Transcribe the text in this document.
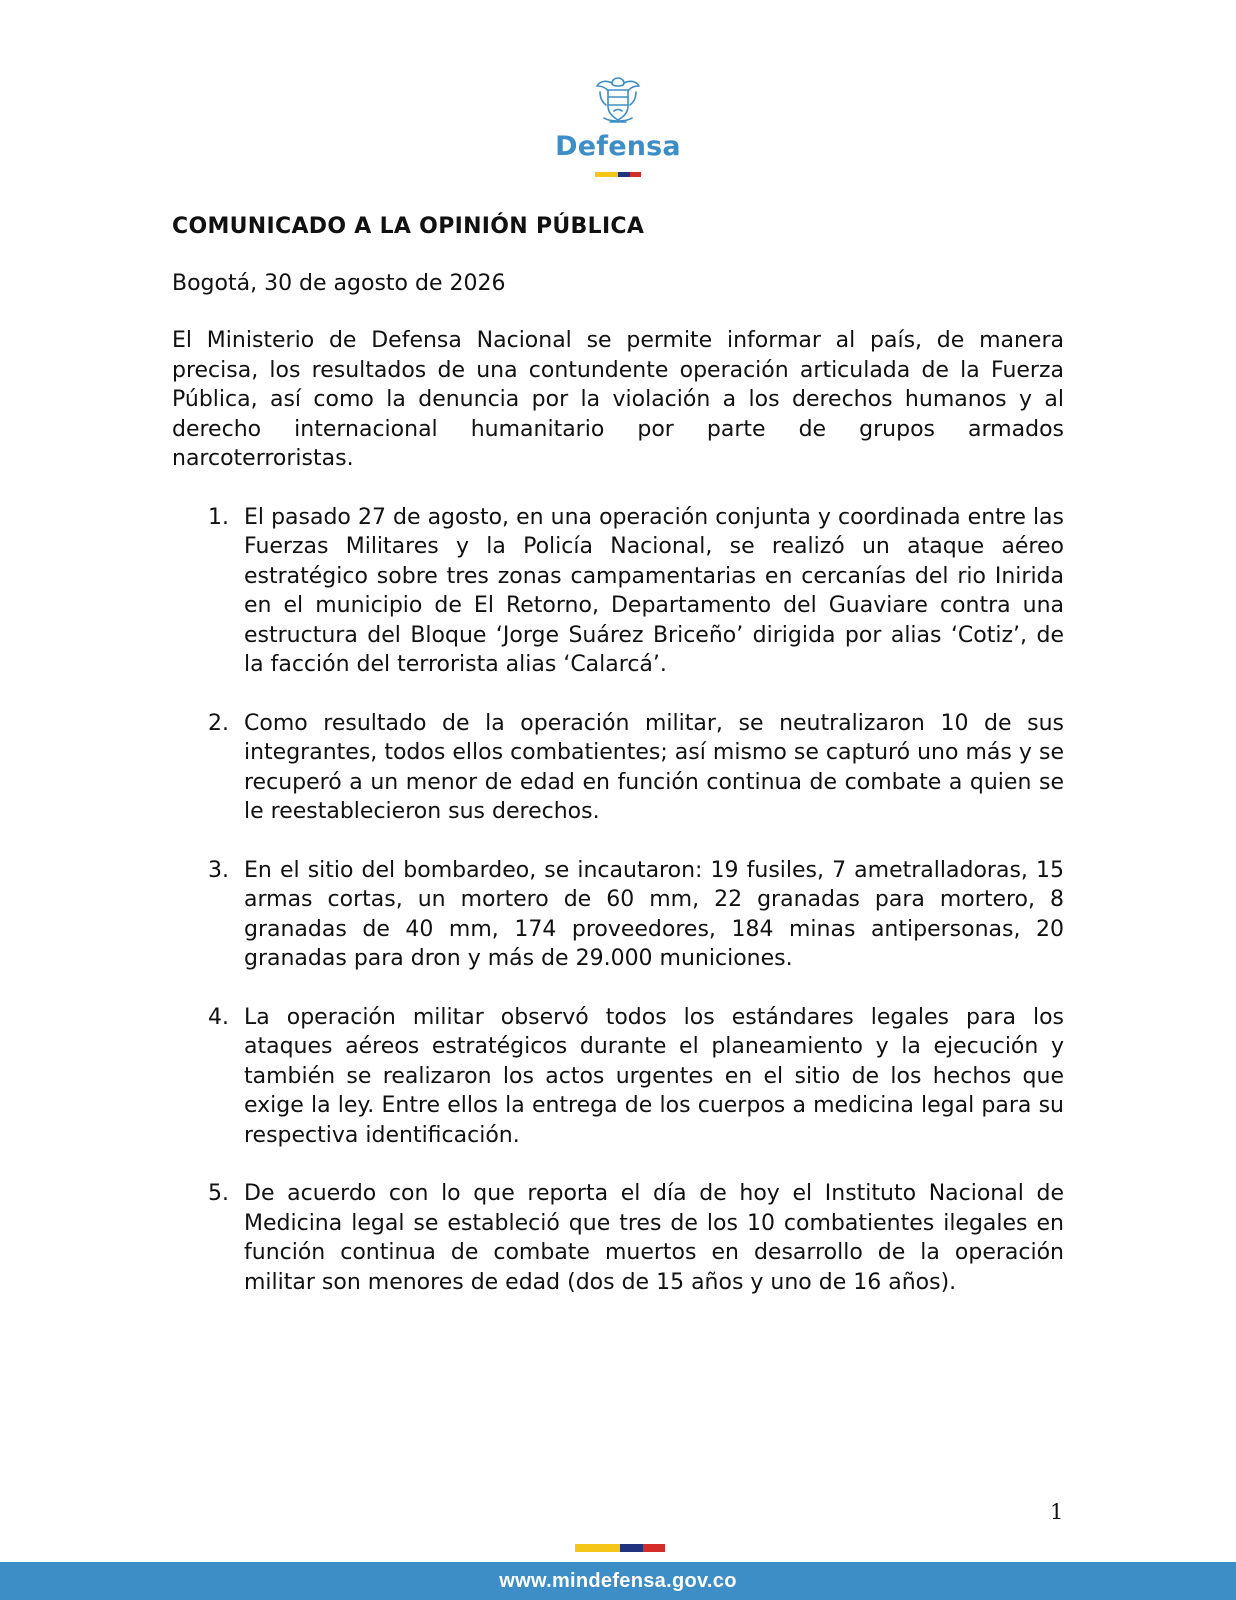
Defensa
COMUNICADO A LA OPINIÓN PÚBLICA
Bogotá, 30 de agosto de 2026
El Ministerio de Defensa Nacional se permite informar al país, de manera precisa, los resultados de una contundente operación articulada de la Fuerza Pública, así como la denuncia por la violación a los derechos humanos y al derecho internacional humanitario por parte de grupos armados narcoterroristas.
1. El pasado 27 de agosto, en una operación conjunta y coordinada entre las Fuerzas Militares y la Policía Nacional, se realizó un ataque aéreo estratégico sobre tres zonas campamentarias en cercanías del rio Inirida en el municipio de El Retorno, Departamento del Guaviare contra una estructura del Bloque ‘Jorge Suárez Briceño’ dirigida por alias ‘Cotiz’, de la facción del terrorista alias ‘Calarcá’.
2. Como resultado de la operación militar, se neutralizaron 10 de sus integrantes, todos ellos combatientes; así mismo se capturó uno más y se recuperó a un menor de edad en función continua de combate a quien se le reestablecieron sus derechos.
3. En el sitio del bombardeo, se incautaron: 19 fusiles, 7 ametralladoras, 15 armas cortas, un mortero de 60 mm, 22 granadas para mortero, 8 granadas de 40 mm, 174 proveedores, 184 minas antipersonas, 20 granadas para dron y más de 29.000 municiones.
4. La operación militar observó todos los estándares legales para los ataques aéreos estratégicos durante el planeamiento y la ejecución y también se realizaron los actos urgentes en el sitio de los hechos que exige la ley. Entre ellos la entrega de los cuerpos a medicina legal para su respectiva identificación.
5. De acuerdo con lo que reporta el día de hoy el Instituto Nacional de Medicina legal se estableció que tres de los 10 combatientes ilegales en función continua de combate muertos en desarrollo de la operación militar son menores de edad (dos de 15 años y uno de 16 años).
1
www.mindefensa.gov.co
